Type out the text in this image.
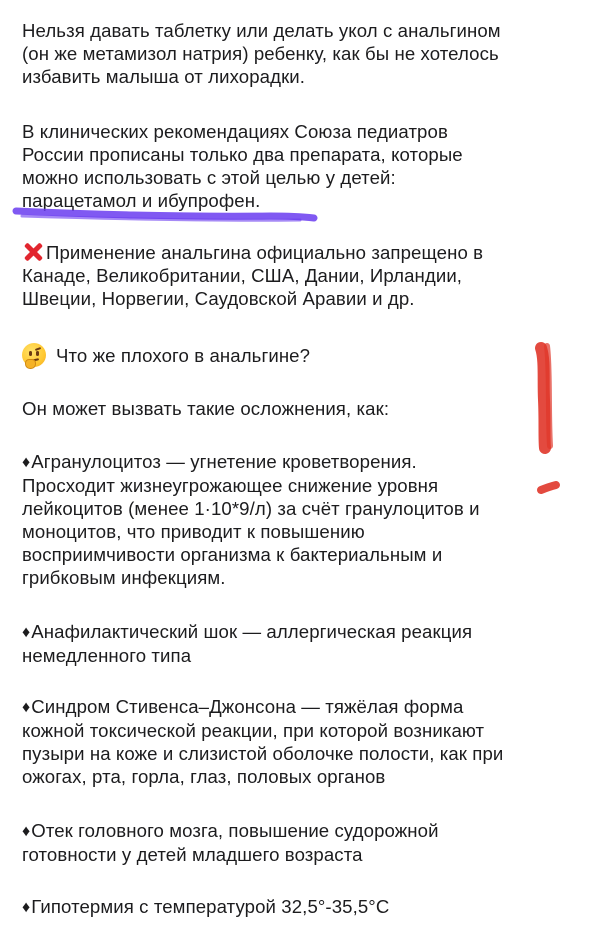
Нельзя давать таблетку или делать укол с анальгином
(он же метамизол натрия) ребенку, как бы не хотелось
избавить малыша от лихорадки.

В клинических рекомендациях Союза педиатров
России прописаны только два препарата, которые
можно использовать с этой целью у детей:
парацетамол и ибупрофен.

Применение анальгина официально запрещено в
Канаде, Великобритании, США, Дании, Ирландии,
Швеции, Норвегии, Саудовской Аравии и др.

Что же плохого в анальгине?

Он может вызвать такие осложнения, как:

♦Агранулоцитоз — угнетение кроветворения.
Просходит жизнеугрожающее снижение уровня
лейкоцитов (менее 1·10*9/л) за счёт гранулоцитов и
моноцитов, что приводит к повышению
восприимчивости организма к бактериальным и
грибковым инфекциям.

♦Анафилактический шок — аллергическая реакция
немедленного типа

♦Синдром Стивенса–Джонсона — тяжёлая форма
кожной токсической реакции, при которой возникают
пузыри на коже и слизистой оболочке полости, как при
ожогах, рта, горла, глаз, половых органов

♦Отек головного мозга, повышение судорожной
готовности у детей младшего возраста

♦Гипотермия с температурой 32,5°-35,5°С
